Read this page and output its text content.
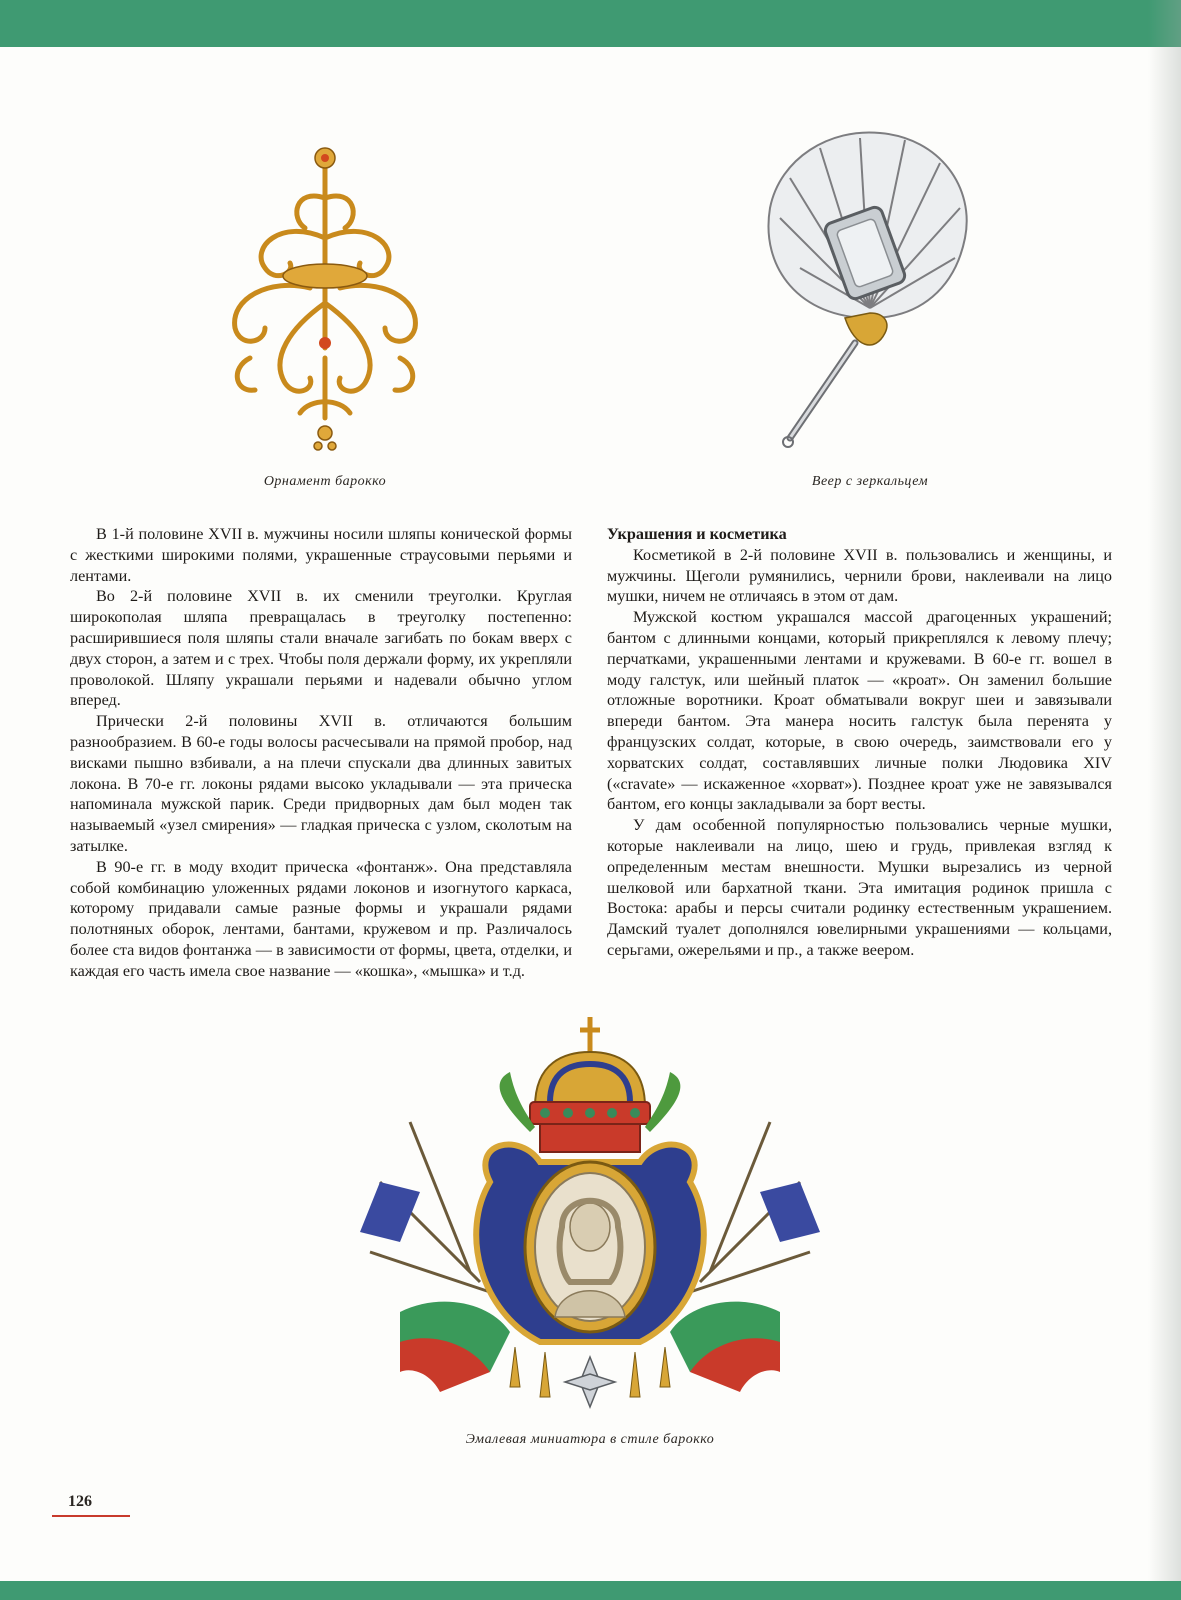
Орнамент барокко	Веер с зеркальцем

В 1-й половине XVII в. мужчины носили шляпы конической формы с жесткими широкими полями, украшенные страусовыми перьями и лентами.

Во 2-й половине XVII в. их сменили треуголки. Круглая широкополая шляпа превращалась в треуголку постепенно: расширившиеся поля шляпы стали вначале загибать по бокам вверх с двух сторон, а затем и с трех. Чтобы поля держали форму, их укрепляли проволокой. Шляпу украшали перьями и надевали обычно углом вперед.

Прически 2-й половины XVII в. отличаются большим разнообразием. В 60-е годы волосы расчесывали на прямой пробор, над висками пышно взбивали, а на плечи спускали два длинных завитых локона. В 70-е гг. локоны рядами высоко укладывали — эта прическа напоминала мужской парик. Среди придворных дам был моден так называемый «узел смирения» — гладкая прическа с узлом, сколотым на затылке.

В 90-е гг. в моду входит прическа «фонтанж». Она представляла собой комбинацию уложенных рядами локонов и изогнутого каркаса, которому придавали самые разные формы и украшали рядами полотняных оборок, лентами, бантами, кружевом и пр. Различалось более ста видов фонтанжа — в зависимости от формы, цвета, отделки, и каждая его часть имела свое название — «кошка», «мышка» и т.д.

Украшения и косметика

Косметикой в 2-й половине XVII в. пользовались и женщины, и мужчины. Щеголи румянились, чернили брови, наклеивали на лицо мушки, ничем не отличаясь в этом от дам.

Мужской костюм украшался массой драгоценных украшений; бантом с длинными концами, который прикреплялся к левому плечу; перчатками, украшенными лентами и кружевами. В 60-е гг. вошел в моду галстук, или шейный платок — «кроат». Он заменил большие отложные воротники. Кроат обматывали вокруг шеи и завязывали впереди бантом. Эта манера носить галстук была перенята у французских солдат, которые, в свою очередь, заимствовали его у хорватских солдат, составлявших личные полки Людовика XIV («cravate» — искаженное «хорват»). Позднее кроат уже не завязывался бантом, его концы закладывали за борт весты.

У дам особенной популярностью пользовались черные мушки, которые наклеивали на лицо, шею и грудь, привлекая взгляд к определенным местам внешности. Мушки вырезались из черной шелковой или бархатной ткани. Эта имитация родинок пришла с Востока: арабы и персы считали родинку естественным украшением. Дамский туалет дополнялся ювелирными украшениями — кольцами, серьгами, ожерельями и пр., а также веером.

Эмалевая миниатюра в стиле барокко
126
